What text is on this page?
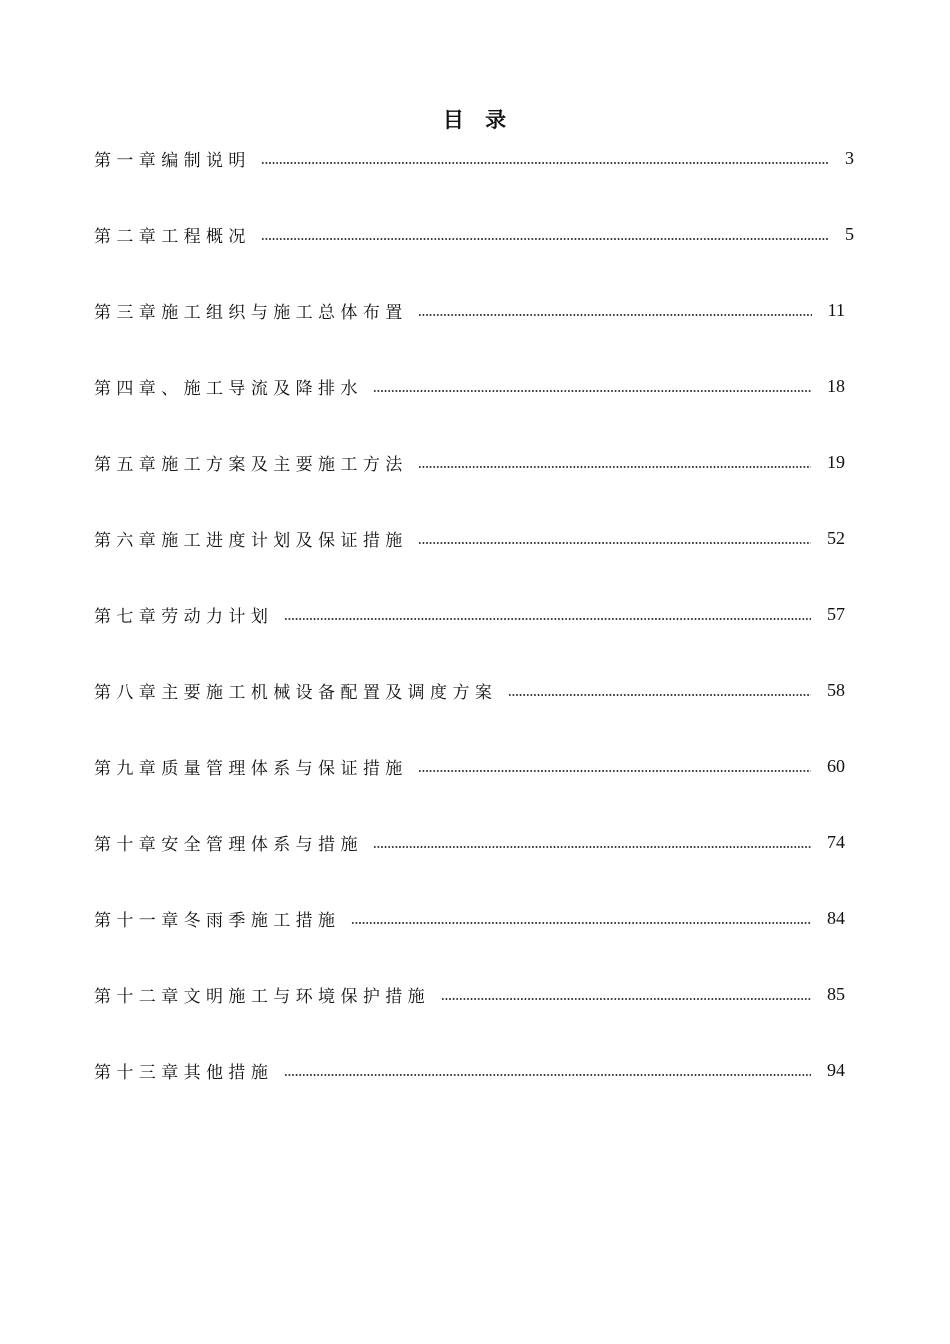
目 录
第 一 章 编 制 说 明	3
第 二 章 工 程 概 况	5
第 三 章 施 工 组 织 与 施 工 总 体 布 置	11
第 四 章 、 施 工 导 流 及 降 排 水	18
第 五 章 施 工 方 案 及 主 要 施 工 方 法	19
第 六 章 施 工 进 度 计 划 及 保 证 措 施	52
第 七 章 劳 动 力 计 划	57
第 八 章 主 要 施 工 机 械 设 备 配 置 及 调 度 方 案	58
第 九 章 质 量 管 理 体 系 与 保 证 措 施	60
第 十 章 安 全 管 理 体 系 与 措 施	74
第 十 一 章 冬 雨 季 施 工 措 施	84
第 十 二 章 文 明 施 工 与 环 境 保 护 措 施	85
第 十 三 章 其 他 措 施	94
